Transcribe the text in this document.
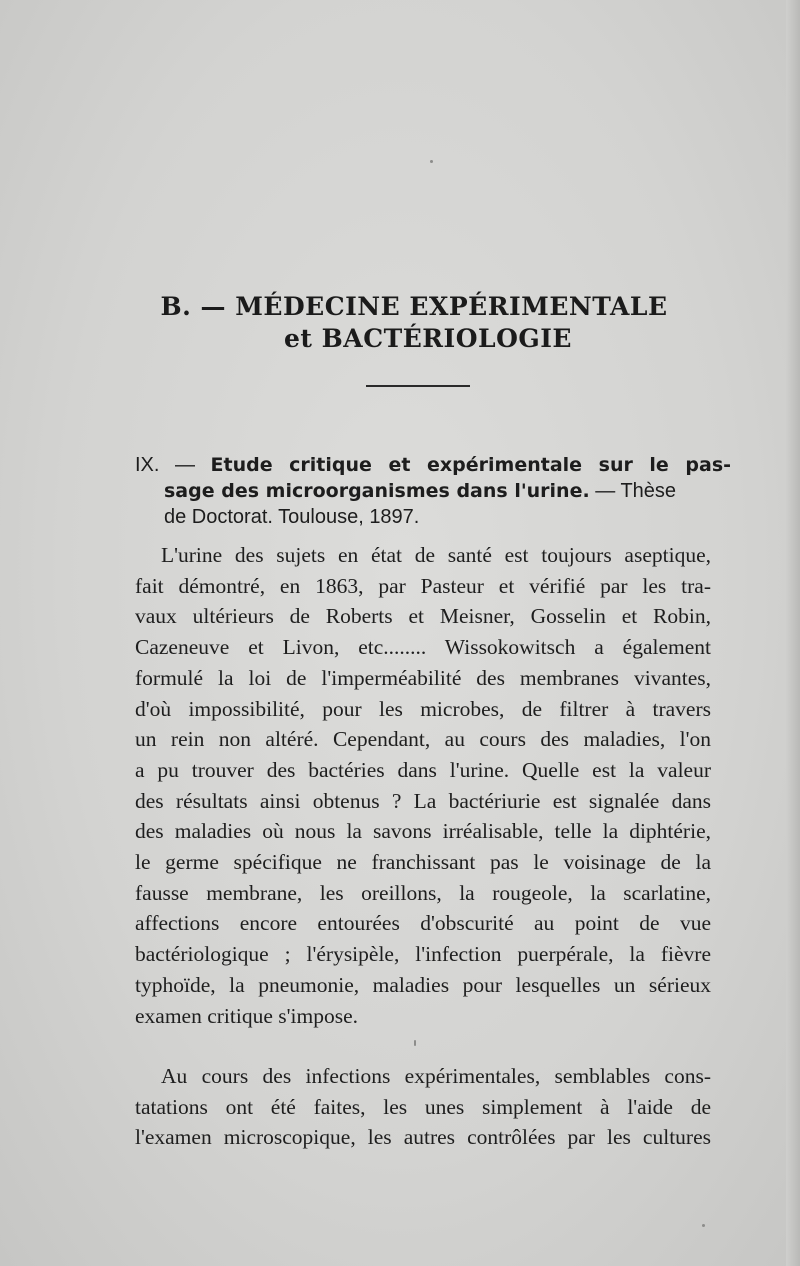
B. — MÉDECINE EXPÉRIMENTALE
et BACTÉRIOLOGIE
IX. — Etude critique et expérimentale sur le pas-
sage des microorganismes dans l'urine. — Thèse
de Doctorat. Toulouse, 1897.
L'urine des sujets en état de santé est toujours aseptique,
fait démontré, en 1863, par Pasteur et vérifié par les tra-
vaux ultérieurs de Roberts et Meisner, Gosselin et Robin,
Cazeneuve et Livon, etc........ Wissokowitsch a également
formulé la loi de l'imperméabilité des membranes vivantes,
d'où impossibilité, pour les microbes, de filtrer à travers
un rein non altéré. Cependant, au cours des maladies, l'on
a pu trouver des bactéries dans l'urine. Quelle est la valeur
des résultats ainsi obtenus ? La bactériurie est signalée dans
des maladies où nous la savons irréalisable, telle la diphtérie,
le germe spécifique ne franchissant pas le voisinage de la
fausse membrane, les oreillons, la rougeole, la scarlatine,
affections encore entourées d'obscurité au point de vue
bactériologique ; l'érysipèle, l'infection puerpérale, la fièvre
typhoïde, la pneumonie, maladies pour lesquelles un sérieux
examen critique s'impose.
Au cours des infections expérimentales, semblables cons-
tatations ont été faites, les unes simplement à l'aide de
l'examen microscopique, les autres contrôlées par les cultures
